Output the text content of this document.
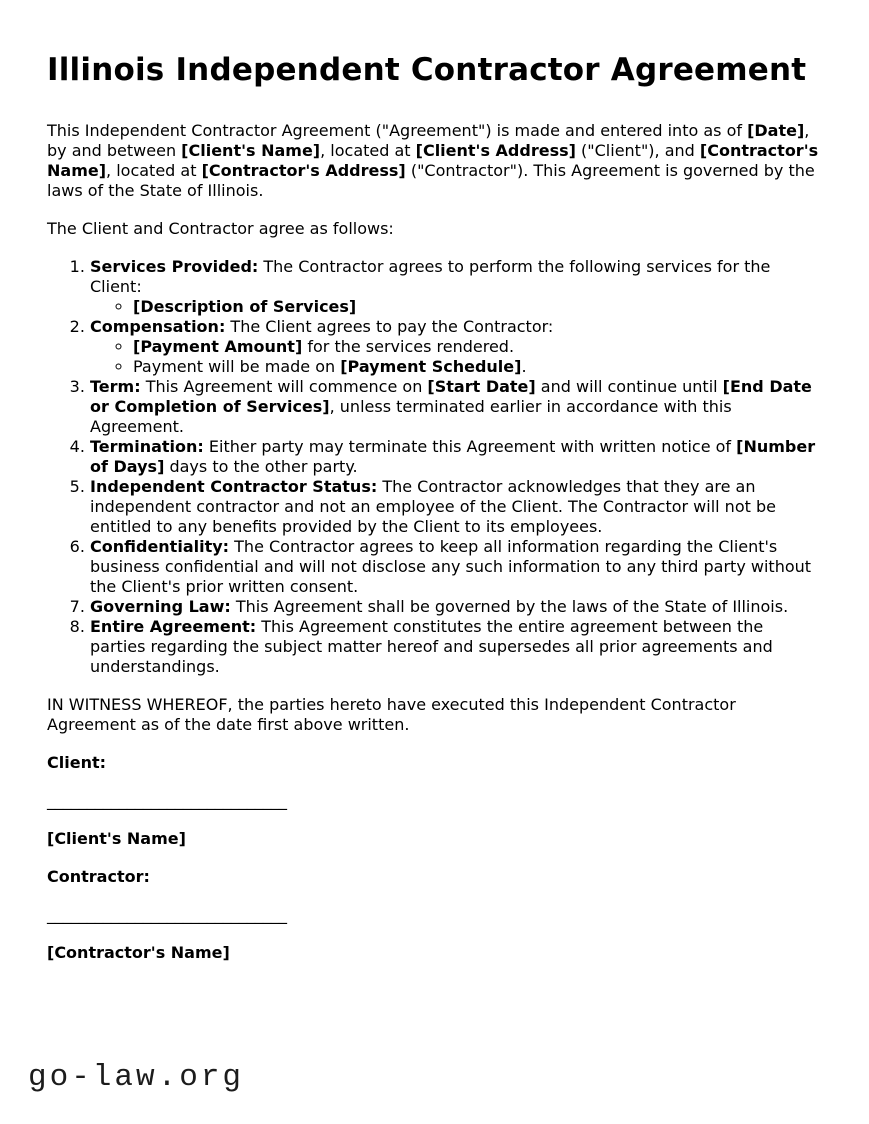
Illinois Independent Contractor Agreement

This Independent Contractor Agreement ("Agreement") is made and entered into as of [Date], by and between [Client's Name], located at [Client's Address] ("Client"), and [Contractor's Name], located at [Contractor's Address] ("Contractor"). This Agreement is governed by the laws of the State of Illinois.

The Client and Contractor agree as follows:

1. Services Provided: The Contractor agrees to perform the following services for the Client:
◦ [Description of Services]
2. Compensation: The Client agrees to pay the Contractor:
◦ [Payment Amount] for the services rendered.
◦ Payment will be made on [Payment Schedule].
3. Term: This Agreement will commence on [Start Date] and will continue until [End Date or Completion of Services], unless terminated earlier in accordance with this Agreement.
4. Termination: Either party may terminate this Agreement with written notice of [Number of Days] days to the other party.
5. Independent Contractor Status: The Contractor acknowledges that they are an independent contractor and not an employee of the Client. The Contractor will not be entitled to any benefits provided by the Client to its employees.
6. Confidentiality: The Contractor agrees to keep all information regarding the Client's business confidential and will not disclose any such information to any third party without the Client's prior written consent.
7. Governing Law: This Agreement shall be governed by the laws of the State of Illinois.
8. Entire Agreement: This Agreement constitutes the entire agreement between the parties regarding the subject matter hereof and supersedes all prior agreements and understandings.

IN WITNESS WHEREOF, the parties hereto have executed this Independent Contractor Agreement as of the date first above written.

Client:

______________________________

[Client's Name]

Contractor:

______________________________

[Contractor's Name]

go-law.org
